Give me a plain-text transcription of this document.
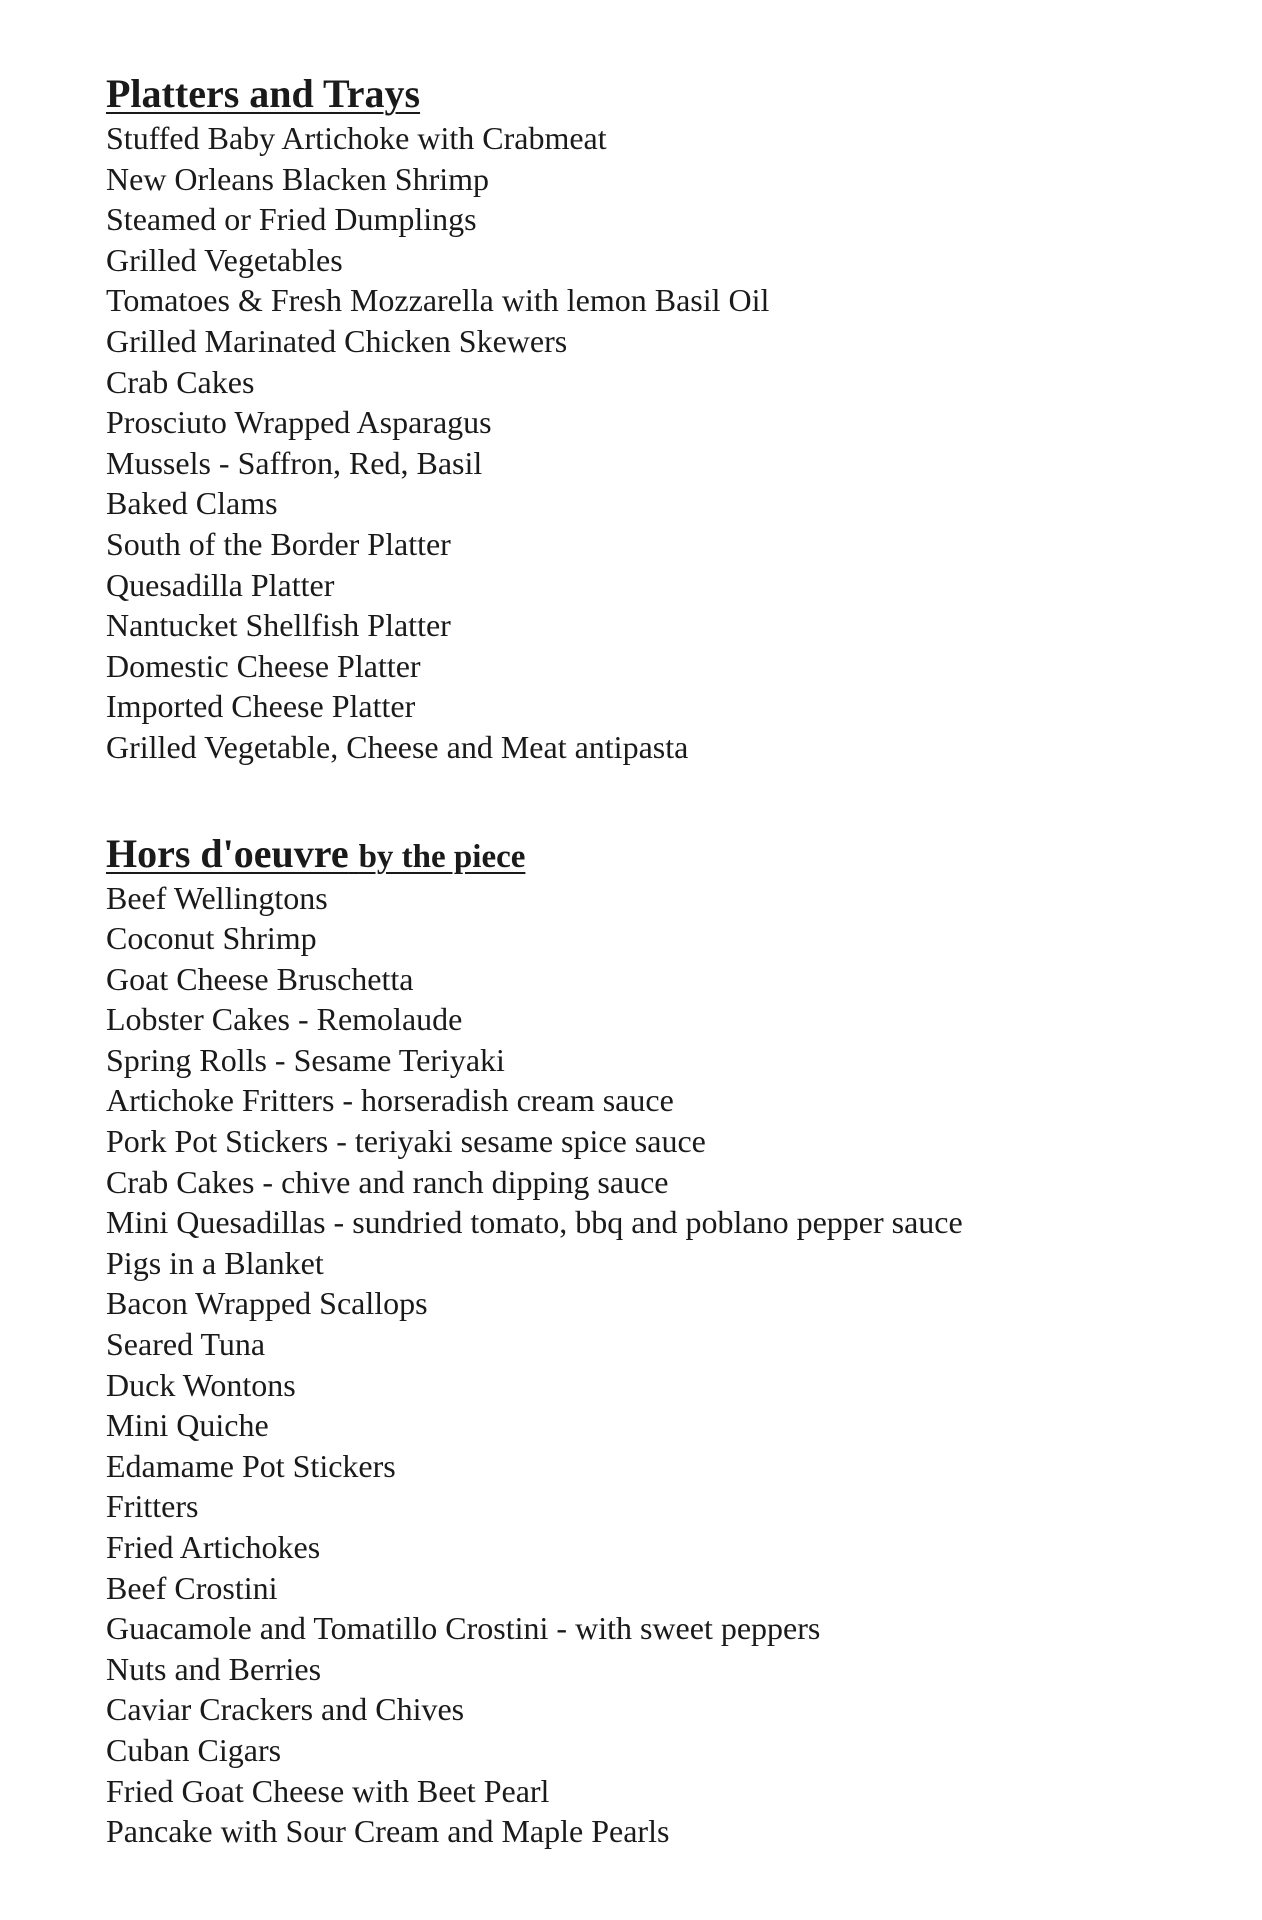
Platters and Trays
Stuffed Baby Artichoke with Crabmeat
New Orleans Blacken Shrimp
Steamed or Fried Dumplings
Grilled Vegetables
Tomatoes & Fresh Mozzarella with lemon Basil Oil
Grilled Marinated Chicken Skewers
Crab Cakes
Prosciuto Wrapped Asparagus
Mussels - Saffron, Red, Basil
Baked Clams
South of the Border Platter
Quesadilla Platter
Nantucket Shellfish Platter
Domestic Cheese Platter
Imported Cheese Platter
Grilled Vegetable, Cheese and Meat antipasta
Hors d'oeuvre by the piece
Beef Wellingtons
Coconut Shrimp
Goat Cheese Bruschetta
Lobster Cakes - Remolaude
Spring Rolls - Sesame Teriyaki
Artichoke Fritters - horseradish cream sauce
Pork Pot Stickers - teriyaki sesame spice sauce
Crab Cakes - chive and ranch dipping sauce
Mini Quesadillas - sundried tomato, bbq and poblano pepper sauce
Pigs in a Blanket
Bacon Wrapped Scallops
Seared Tuna
Duck Wontons
Mini Quiche
Edamame Pot Stickers
Fritters
Fried Artichokes
Beef Crostini
Guacamole and Tomatillo Crostini - with sweet peppers
Nuts and Berries
Caviar Crackers and Chives
Cuban Cigars
Fried Goat Cheese with Beet Pearl
Pancake with Sour Cream and Maple Pearls
